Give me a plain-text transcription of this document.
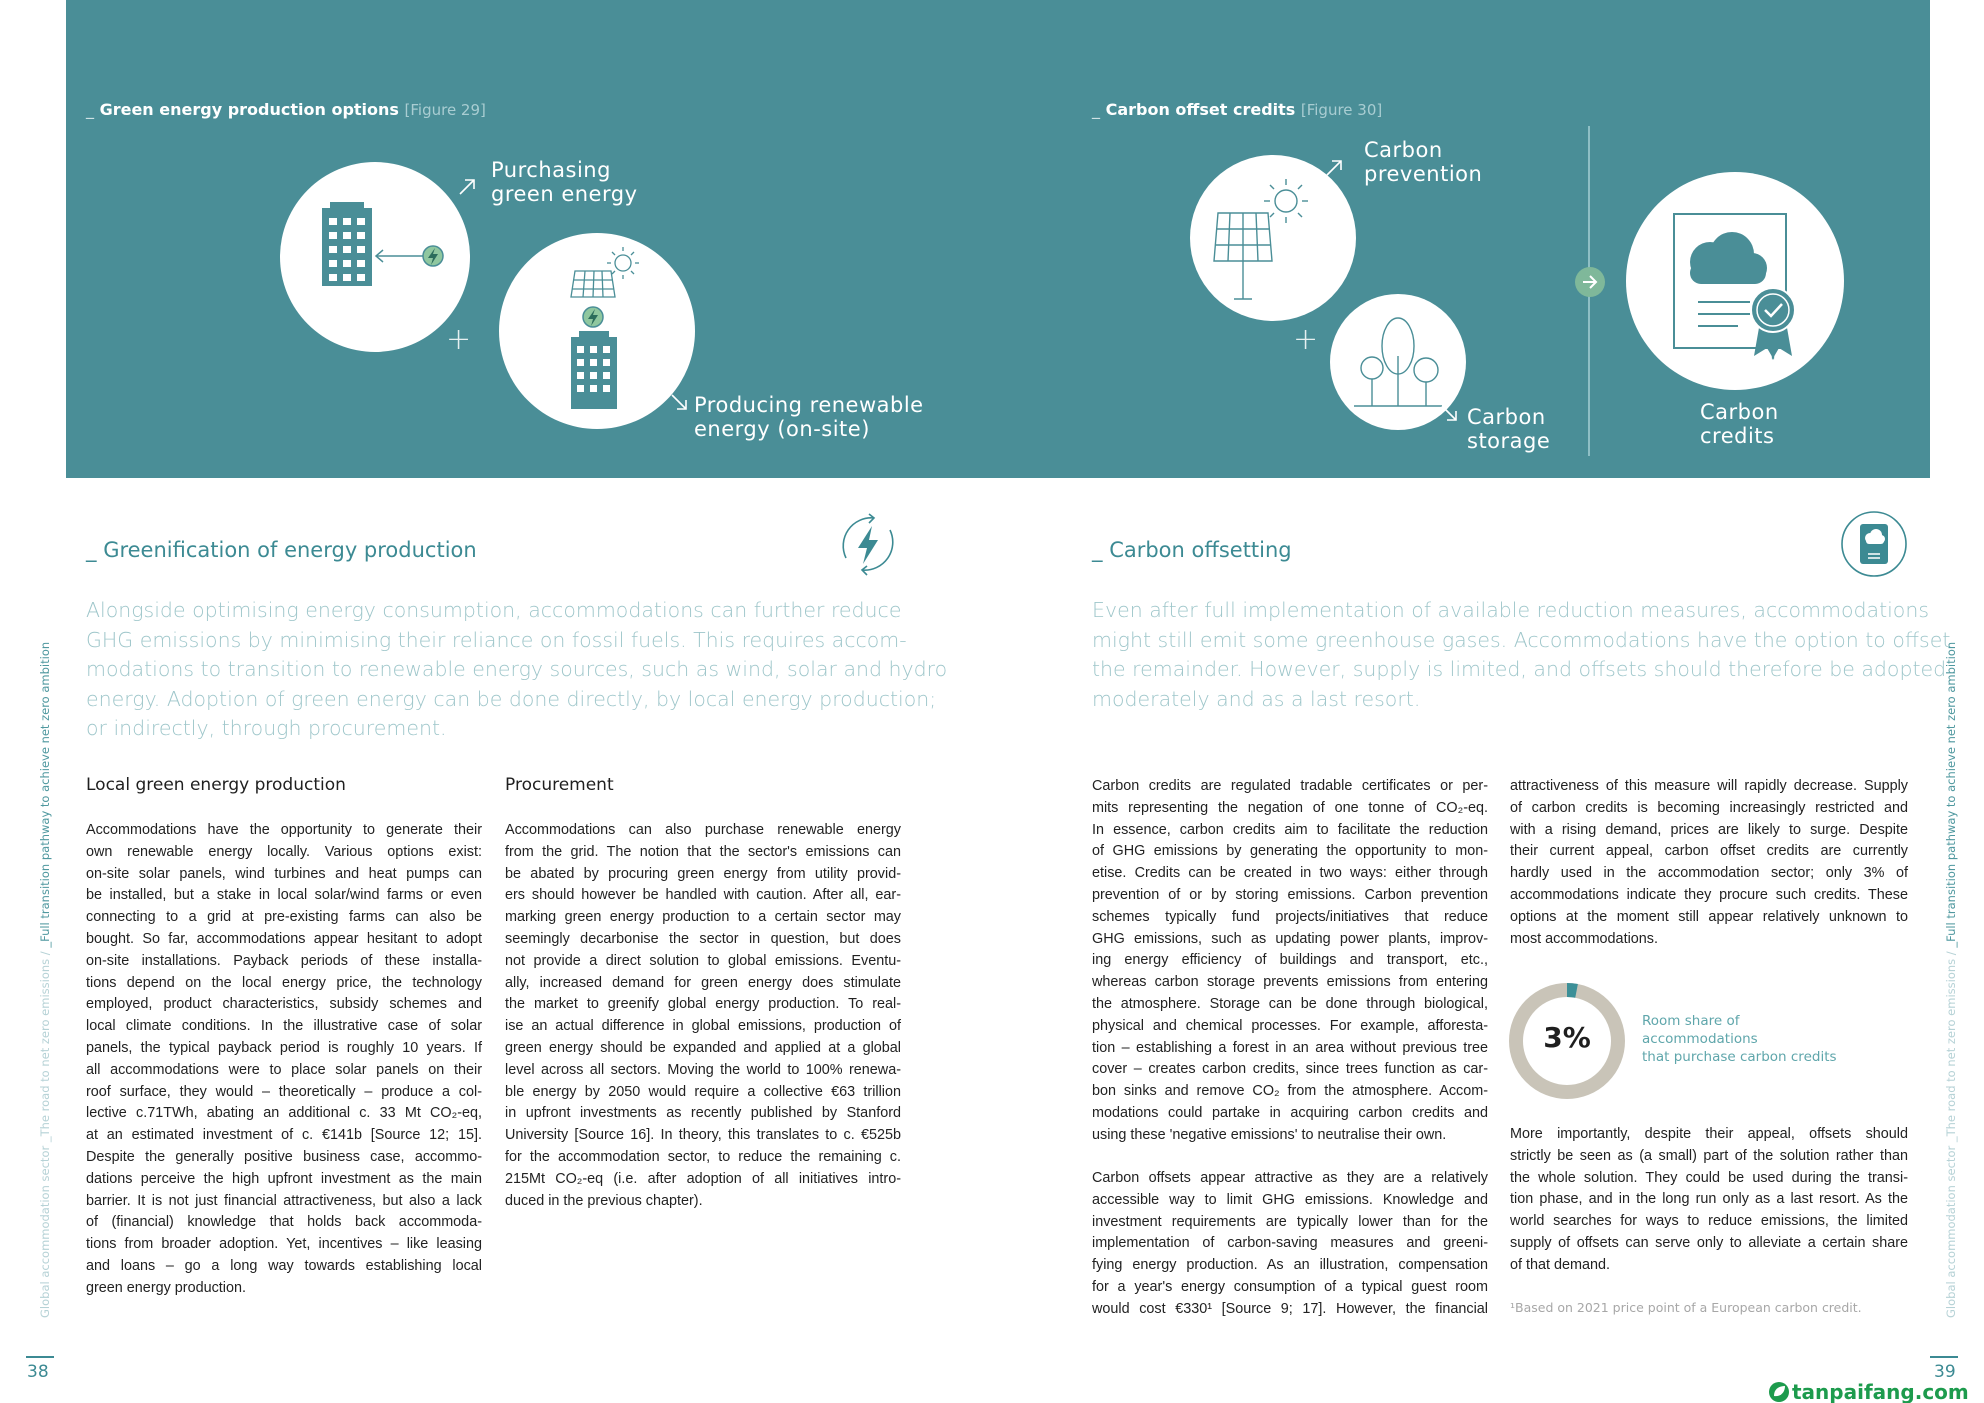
_ Green energy production options [Figure 29]
Purchasing
green energy
+
Producing renewable
energy (on-site)
_ Carbon offset credits [Figure 30]
Carbon
prevention
+
Carbon
storage
Carbon
credits
_ Greenification of energy production
Alongside optimising energy consumption, accommodations can further reduce
GHG emissions by minimising their reliance on fossil fuels. This requires accom-
modations to transition to renewable energy sources, such as wind, solar and hydro
energy. Adoption of green energy can be done directly, by local energy production;
or indirectly, through procurement.
Local green energy production	Procurement
Accommodations have the opportunity to generate their
own renewable energy locally. Various options exist:
on-site solar panels, wind turbines and heat pumps can
be installed, but a stake in local solar/wind farms or even
connecting to a grid at pre-existing farms can also be
bought. So far, accommodations appear hesitant to adopt
on-site installations. Payback periods of these installa-
tions depend on the local energy price, the technology
employed, product characteristics, subsidy schemes and
local climate conditions. In the illustrative case of solar
panels, the typical payback period is roughly 10 years. If
all accommodations were to place solar panels on their
roof surface, they would – theoretically – produce a col-
lective c.71TWh, abating an additional c. 33 Mt CO₂-eq,
at an estimated investment of c. €141b [Source 12; 15].
Despite the generally positive business case, accommo-
dations perceive the high upfront investment as the main
barrier. It is not just financial attractiveness, but also a lack
of (financial) knowledge that holds back accommoda-
tions from broader adoption. Yet, incentives – like leasing
and loans – go a long way towards establishing local
green energy production.
Accommodations can also purchase renewable energy
from the grid. The notion that the sector's emissions can
be abated by procuring green energy from utility provid-
ers should however be handled with caution. After all, ear-
marking green energy production to a certain sector may
seemingly decarbonise the sector in question, but does
not provide a direct solution to global emissions. Eventu-
ally, increased demand for green energy does stimulate
the market to greenify global energy production. To real-
ise an actual difference in global emissions, production of
green energy should be expanded and applied at a global
level across all sectors. Moving the world to 100% renewa-
ble energy by 2050 would require a collective €63 trillion
in upfront investments as recently published by Stanford
University [Source 16]. In theory, this translates to c. €525b
for the accommodation sector, to reduce the remaining c.
215Mt CO₂-eq (i.e. after adoption of all initiatives intro-
duced in the previous chapter).
Global accommodation sector _The road to net zero emissions / _Full transition pathway to achieve net zero ambition
38
_ Carbon offsetting
Even after full implementation of available reduction measures, accommodations
might still emit some greenhouse gases. Accommodations have the option to offset
the remainder. However, supply is limited, and offsets should therefore be adopted
moderately and as a last resort.
Carbon credits are regulated tradable certificates or per-
mits representing the negation of one tonne of CO₂-eq.
In essence, carbon credits aim to facilitate the reduction
of GHG emissions by generating the opportunity to mon-
etise. Credits can be created in two ways: either through
prevention of or by storing emissions. Carbon prevention
schemes typically fund projects/initiatives that reduce
GHG emissions, such as updating power plants, improv-
ing energy efficiency of buildings and transport, etc.,
whereas carbon storage prevents emissions from entering
the atmosphere. Storage can be done through biological,
physical and chemical processes. For example, afforesta-
tion – establishing a forest in an area without previous tree
cover – creates carbon credits, since trees function as car-
bon sinks and remove CO₂ from the atmosphere. Accom-
modations could partake in acquiring carbon credits and
using these 'negative emissions' to neutralise their own.
Carbon offsets appear attractive as they are a relatively
accessible way to limit GHG emissions. Knowledge and
investment requirements are typically lower than for the
implementation of carbon-saving measures and greeni-
fying energy production. As an illustration, compensation
for a year's energy consumption of a typical guest room
would cost €330¹ [Source 9; 17]. However, the financial
attractiveness of this measure will rapidly decrease. Supply
of carbon credits is becoming increasingly restricted and
with a rising demand, prices are likely to surge. Despite
their current appeal, carbon offset credits are currently
hardly used in the accommodation sector; only 3% of
accommodations indicate they procure such credits. These
options at the moment still appear relatively unknown to
most accommodations.
3%	Room share of
accommodations
that purchase carbon credits
More importantly, despite their appeal, offsets should
strictly be seen as (a small) part of the solution rather than
the whole solution. They could be used during the transi-
tion phase, and in the long run only as a last resort. As the
world searches for ways to reduce emissions, the limited
supply of offsets can serve only to alleviate a certain share
of that demand.
¹Based on 2021 price point of a European carbon credit.	Global accommodation sector _The road to net zero emissions / _Full transition pathway to achieve net zero ambition
39
tanpaifang.com
